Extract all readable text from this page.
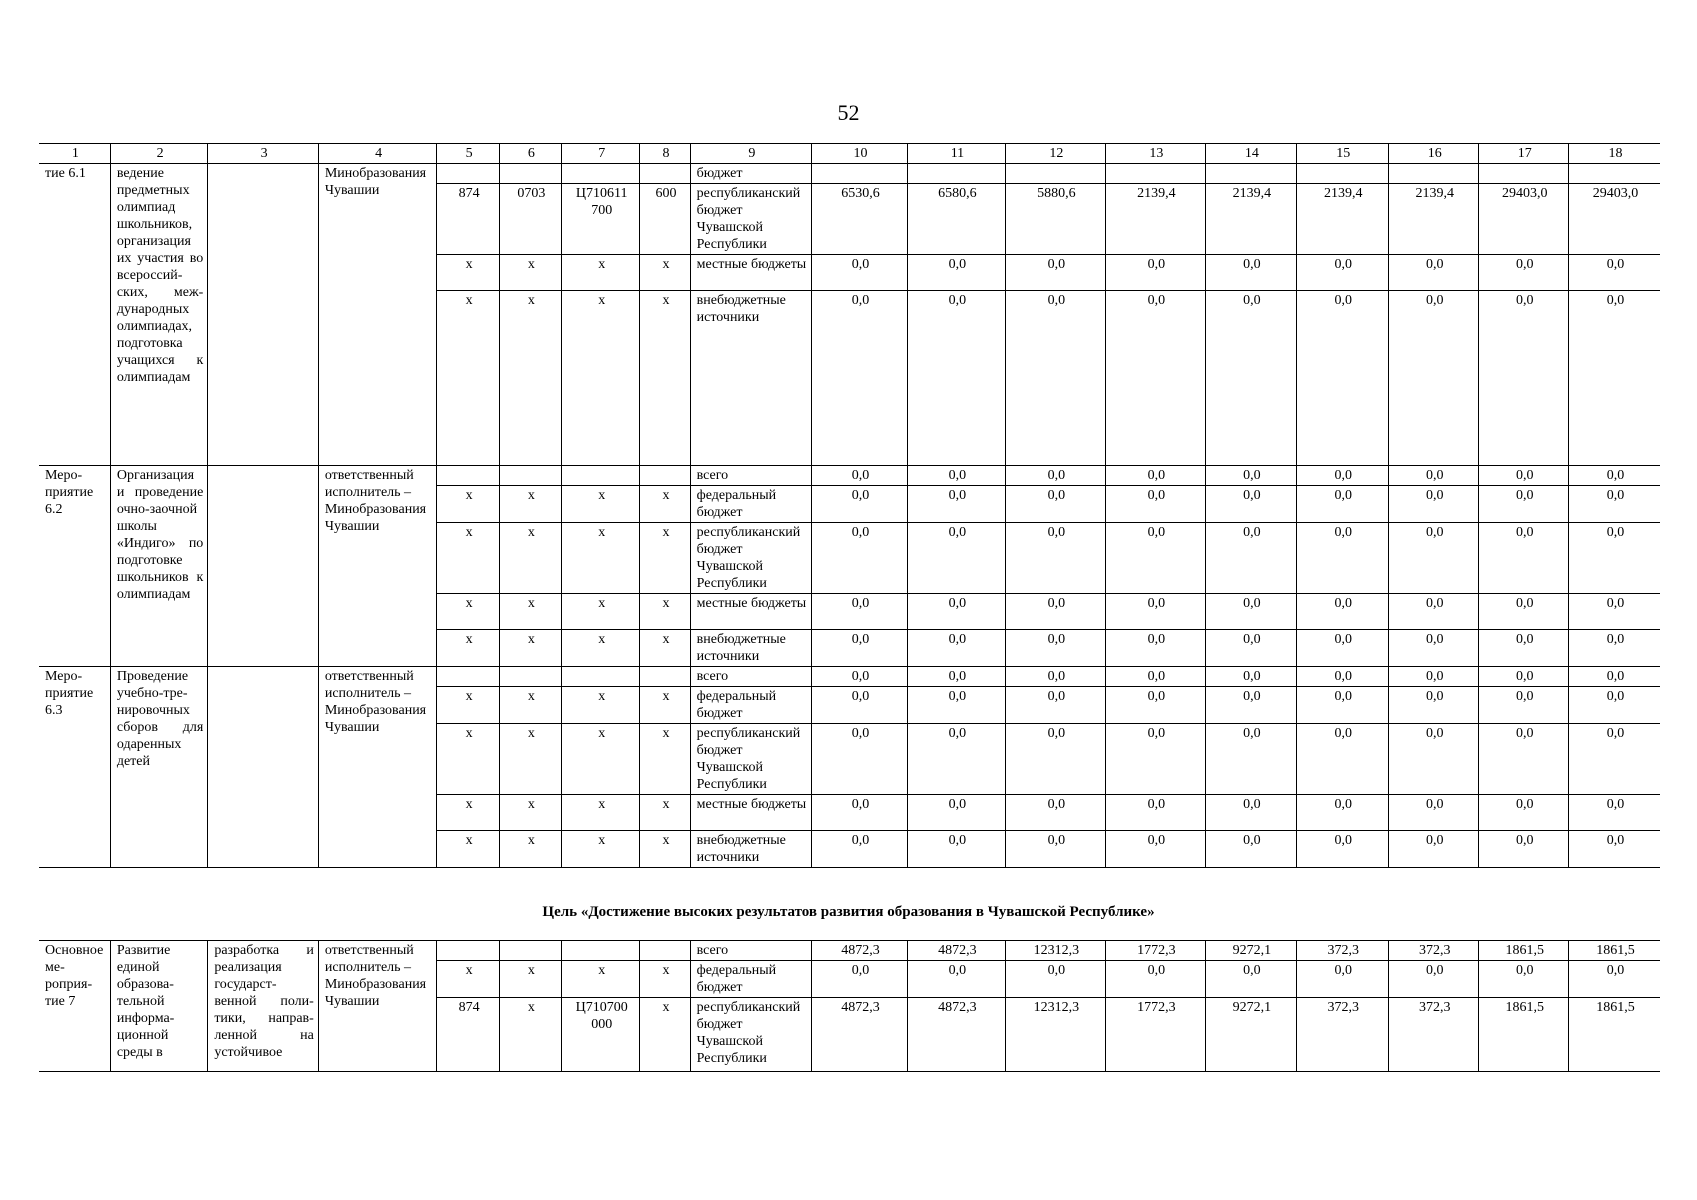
52
1	2	3	4	5	6	7	8	9	10	11	12	13	14	15	16	17	18
тие 6.1	ведение предметных олимпиад школьников, организация их участия во всероссийских, международных олимпиадах, подготовка учащихся к олимпиадам		Минобразования Чувашии					бюджет									
				874	0703	Ц710611 700	600	республиканский бюджет Чувашской Республики	6530,6	6580,6	5880,6	2139,4	2139,4	2139,4	2139,4	29403,0	29403,0
				x	x	x	x	местные бюджеты	0,0	0,0	0,0	0,0	0,0	0,0	0,0	0,0	0,0
				x	x	x	x	внебюджетные источники	0,0	0,0	0,0	0,0	0,0	0,0	0,0	0,0	0,0
Мероприятие 6.2	Организация и проведение очно-заочной школы «Индиго» по подготовке школьников к олимпиадам		ответственный исполнитель – Минобразования Чувашии					всего	0,0	0,0	0,0	0,0	0,0	0,0	0,0	0,0	0,0
				x	x	x	x	федеральный бюджет	0,0	0,0	0,0	0,0	0,0	0,0	0,0	0,0	0,0
				x	x	x	x	республиканский бюджет Чувашской Республики	0,0	0,0	0,0	0,0	0,0	0,0	0,0	0,0	0,0
				x	x	x	x	местные бюджеты	0,0	0,0	0,0	0,0	0,0	0,0	0,0	0,0	0,0
				x	x	x	x	внебюджетные источники	0,0	0,0	0,0	0,0	0,0	0,0	0,0	0,0	0,0
Мероприятие 6.3	Проведение учебно-тренировочных сборов для одаренных детей		ответственный исполнитель – Минобразования Чувашии					всего	0,0	0,0	0,0	0,0	0,0	0,0	0,0	0,0	0,0
				x	x	x	x	федеральный бюджет	0,0	0,0	0,0	0,0	0,0	0,0	0,0	0,0	0,0
				x	x	x	x	республиканский бюджет Чувашской Республики	0,0	0,0	0,0	0,0	0,0	0,0	0,0	0,0	0,0
				x	x	x	x	местные бюджеты	0,0	0,0	0,0	0,0	0,0	0,0	0,0	0,0	0,0
				x	x	x	x	внебюджетные источники	0,0	0,0	0,0	0,0	0,0	0,0	0,0	0,0	0,0
Цель «Достижение высоких результатов развития образования в Чувашской Республике»
Основное мероприятие 7	Развитие единой образовательной информационной среды в	разработка и реализация государственной политики, направленной на устойчивое	ответственный исполнитель – Минобразования Чувашии					всего	4872,3	4872,3	12312,3	1772,3	9272,1	372,3	372,3	1861,5	1861,5
				x	x	x	x	федеральный бюджет	0,0	0,0	0,0	0,0	0,0	0,0	0,0	0,0	0,0
				874	x	Ц710700 000	x	республиканский бюджет Чувашской Республики	4872,3	4872,3	12312,3	1772,3	9272,1	372,3	372,3	1861,5	1861,5
